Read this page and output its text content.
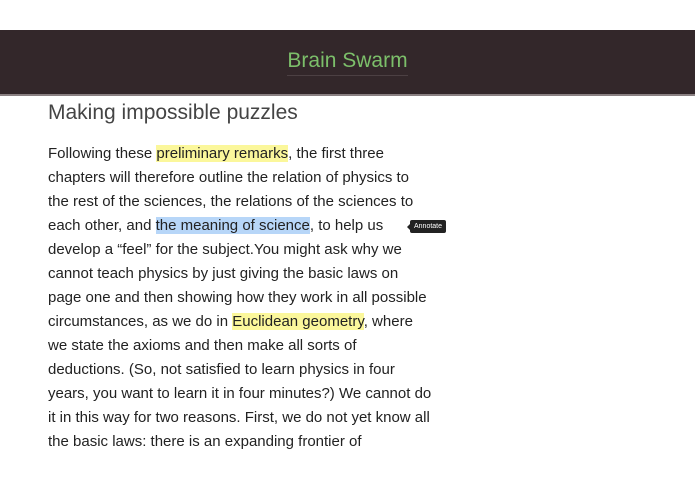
Making impossible puzzles
Brain Swarm
Following these preliminary remarks, the first three
chapters will therefore outline the relation of physics to
the rest of the sciences, the relations of the sciences to
each other, and the meaning of science, to help us
develop a “feel” for the subject.You might ask why we
cannot teach physics by just giving the basic laws on
page one and then showing how they work in all possible
circumstances, as we do in Euclidean geometry, where
we state the axioms and then make all sorts of
deductions. (So, not satisfied to learn physics in four
years, you want to learn it in four minutes?) We cannot do
it in this way for two reasons. First, we do not yet know all
the basic laws: there is an expanding frontier of
Annotate
